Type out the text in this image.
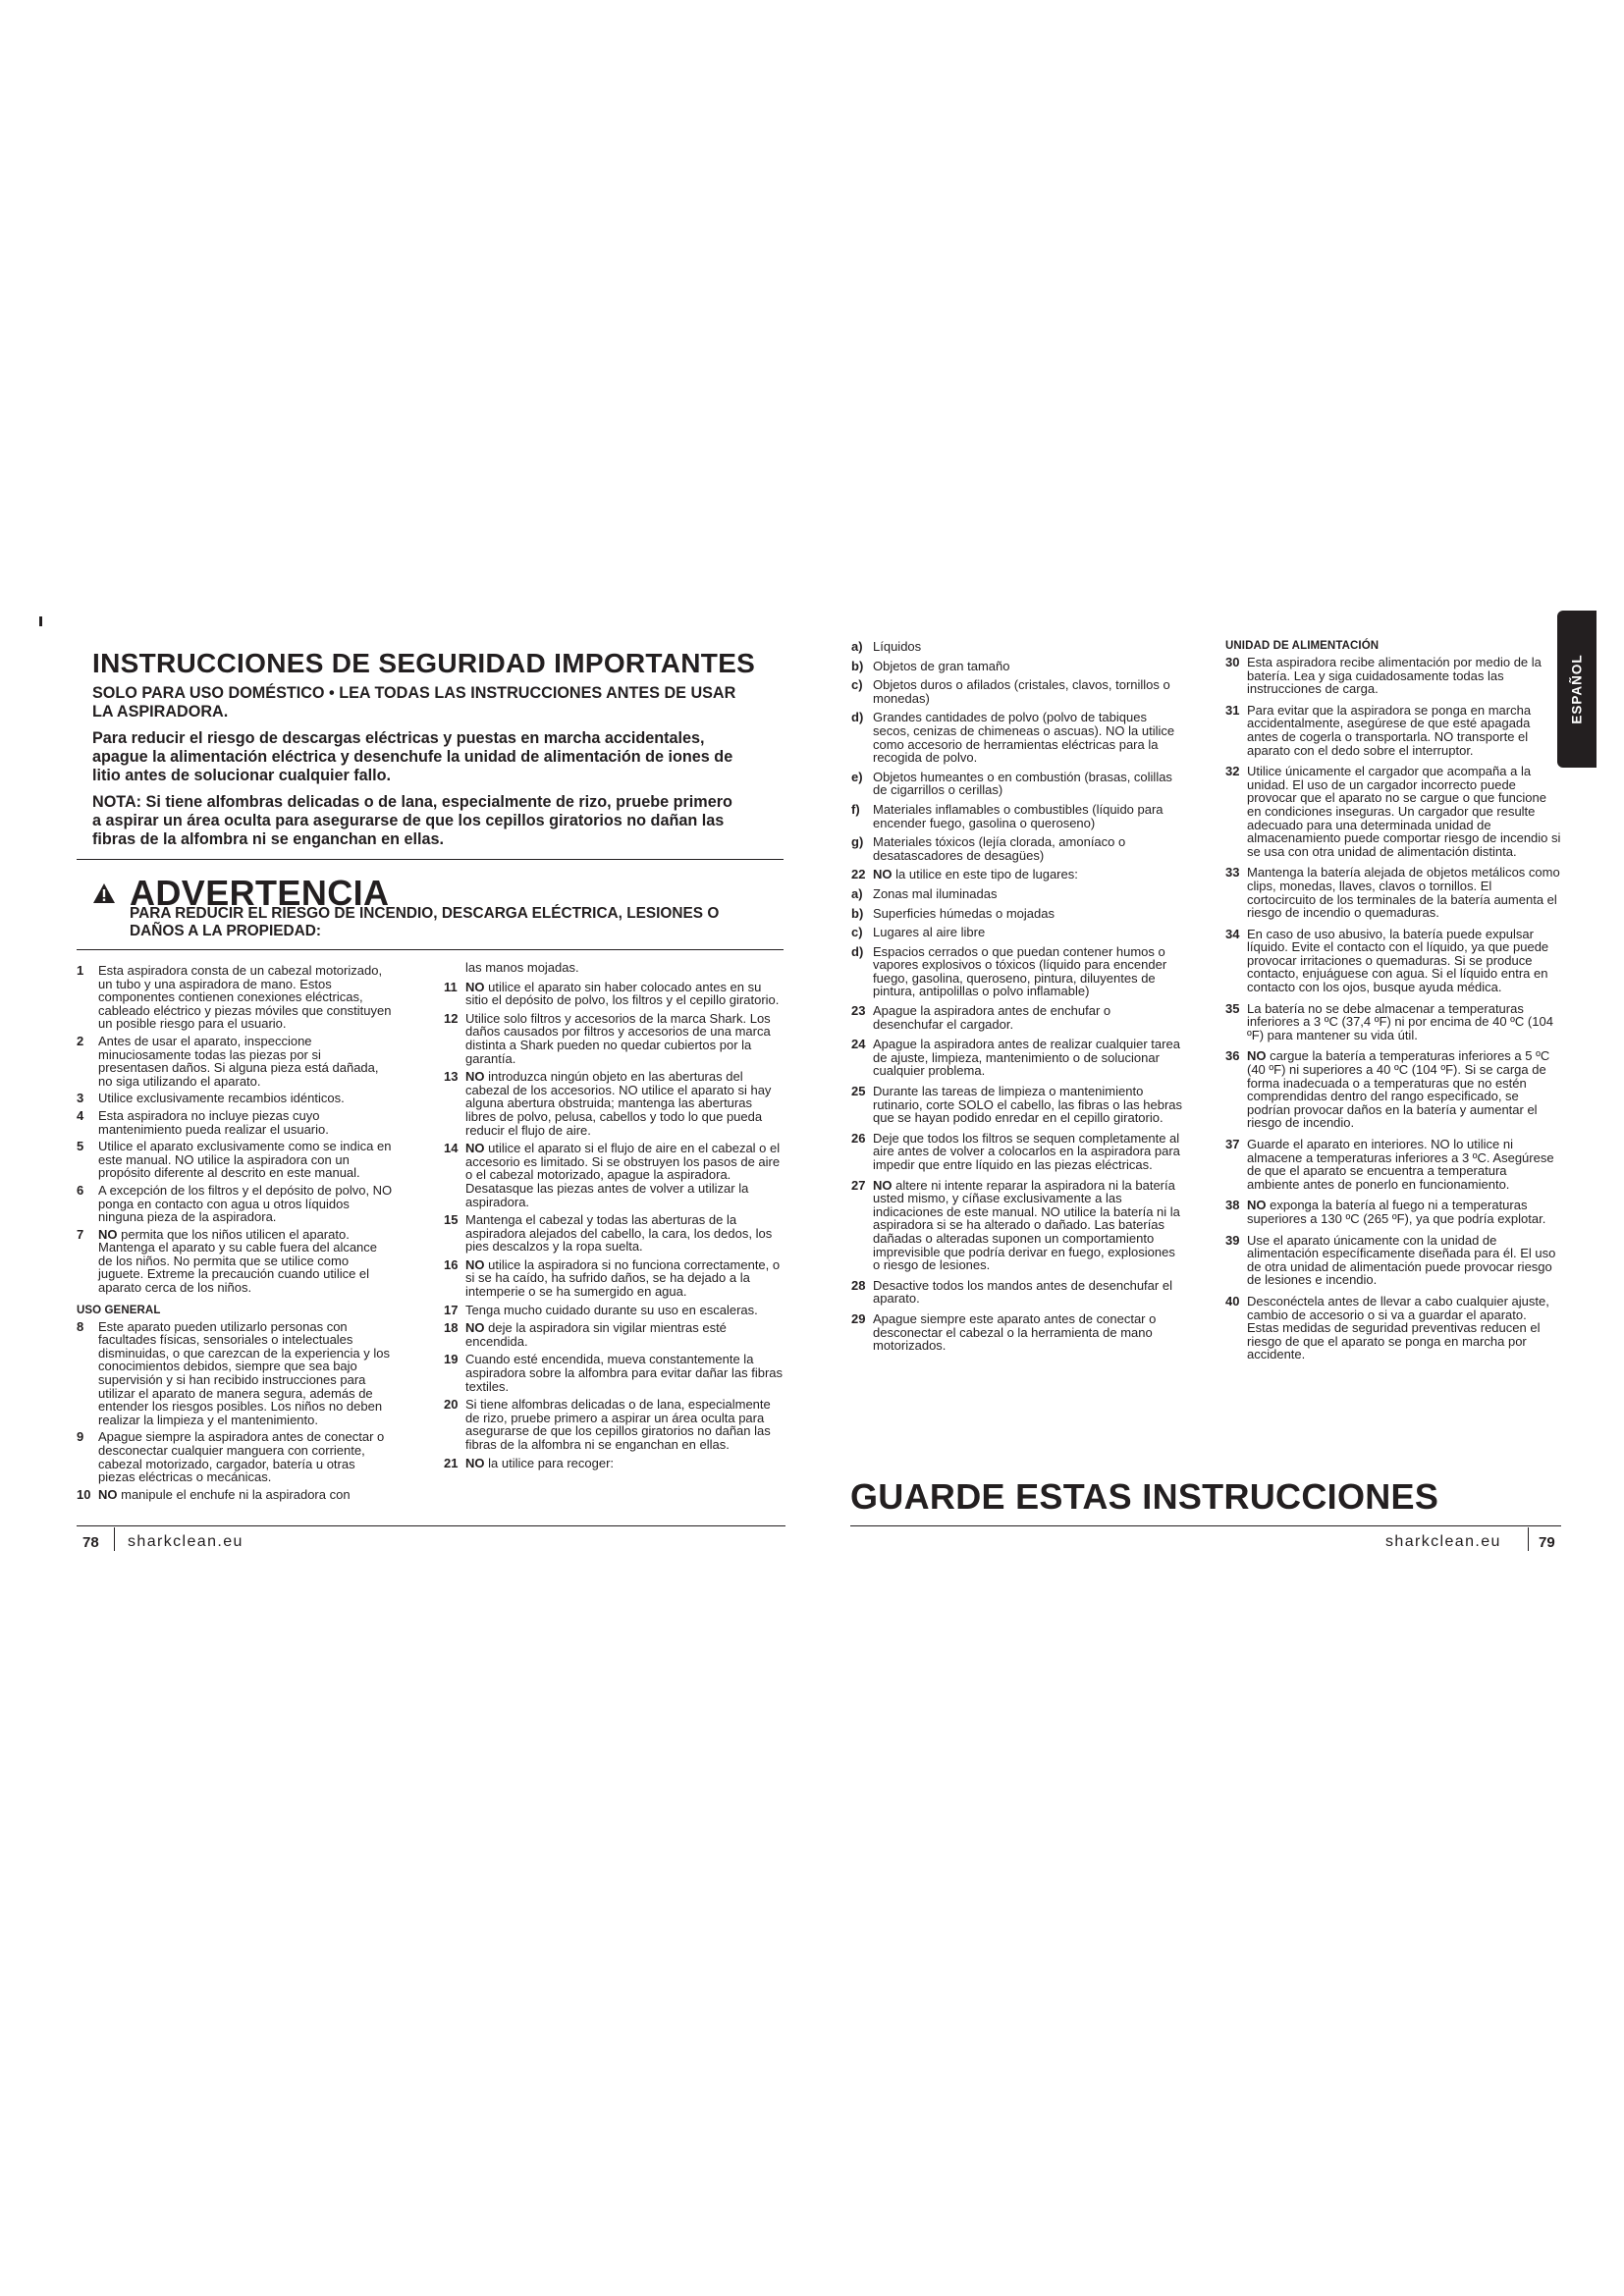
INSTRUCCIONES DE SEGURIDAD IMPORTANTES

SOLO PARA USO DOMÉSTICO • LEA TODAS LAS INSTRUCCIONES ANTES DE USAR LA ASPIRADORA.

Para reducir el riesgo de descargas eléctricas y puestas en marcha accidentales, apague la alimentación eléctrica y desenchufe la unidad de alimentación de iones de litio antes de solucionar cualquier fallo.

NOTA: Si tiene alfombras delicadas o de lana, especialmente de rizo, pruebe primero a aspirar un área oculta para asegurarse de que los cepillos giratorios no dañan las fibras de la alfombra ni se enganchan en ellas.

ADVERTENCIA

PARA REDUCIR EL RIESGO DE INCENDIO, DESCARGA ELÉCTRICA, LESIONES O DAÑOS A LA PROPIEDAD:

1 Esta aspiradora consta de un cabezal motorizado, un tubo y una aspiradora de mano. Estos componentes contienen conexiones eléctricas, cableado eléctrico y piezas móviles que constituyen un posible riesgo para el usuario.

2 Antes de usar el aparato, inspeccione minuciosamente todas las piezas por si presentasen daños. Si alguna pieza está dañada, no siga utilizando el aparato.

3 Utilice exclusivamente recambios idénticos.

4 Esta aspiradora no incluye piezas cuyo mantenimiento pueda realizar el usuario.

5 Utilice el aparato exclusivamente como se indica en este manual. NO utilice la aspiradora con un propósito diferente al descrito en este manual.

6 A excepción de los filtros y el depósito de polvo, NO ponga en contacto con agua u otros líquidos ninguna pieza de la aspiradora.

7 NO permita que los niños utilicen el aparato. Mantenga el aparato y su cable fuera del alcance de los niños. No permita que se utilice como juguete. Extreme la precaución cuando utilice el aparato cerca de los niños.

USO GENERAL

8 Este aparato pueden utilizarlo personas con facultades físicas, sensoriales o intelectuales disminuidas, o que carezcan de la experiencia y los conocimientos debidos, siempre que sea bajo supervisión y si han recibido instrucciones para utilizar el aparato de manera segura, además de entender los riesgos posibles. Los niños no deben realizar la limpieza y el mantenimiento.

9 Apague siempre la aspiradora antes de conectar o desconectar cualquier manguera con corriente, cabezal motorizado, cargador, batería u otras piezas eléctricas o mecánicas.

10 NO manipule el enchufe ni la aspiradora con

las manos mojadas.

11 NO utilice el aparato sin haber colocado antes en su sitio el depósito de polvo, los filtros y el cepillo giratorio.

12 Utilice solo filtros y accesorios de la marca Shark. Los daños causados por filtros y accesorios de una marca distinta a Shark pueden no quedar cubiertos por la garantía.

13 NO introduzca ningún objeto en las aberturas del cabezal de los accesorios. NO utilice el aparato si hay alguna abertura obstruida; mantenga las aberturas libres de polvo, pelusa, cabellos y todo lo que pueda reducir el flujo de aire.

14 NO utilice el aparato si el flujo de aire en el cabezal o el accesorio es limitado. Si se obstruyen los pasos de aire o el cabezal motorizado, apague la aspiradora. Desatasque las piezas antes de volver a utilizar la aspiradora.

15 Mantenga el cabezal y todas las aberturas de la aspiradora alejados del cabello, la cara, los dedos, los pies descalzos y la ropa suelta.

16 NO utilice la aspiradora si no funciona correctamente, o si se ha caído, ha sufrido daños, se ha dejado a la intemperie o se ha sumergido en agua.

17 Tenga mucho cuidado durante su uso en escaleras.

18 NO deje la aspiradora sin vigilar mientras esté encendida.

19 Cuando esté encendida, mueva constantemente la aspiradora sobre la alfombra para evitar dañar las fibras textiles.

20 Si tiene alfombras delicadas o de lana, especialmente de rizo, pruebe primero a aspirar un área oculta para asegurarse de que los cepillos giratorios no dañan las fibras de la alfombra ni se enganchan en ellas.

21 NO la utilice para recoger:

a) Líquidos

b) Objetos de gran tamaño

c) Objetos duros o afilados (cristales, clavos, tornillos o monedas)

d) Grandes cantidades de polvo (polvo de tabiques secos, cenizas de chimeneas o ascuas). NO la utilice como accesorio de herramientas eléctricas para la recogida de polvo.

e) Objetos humeantes o en combustión (brasas, colillas de cigarrillos o cerillas)

f) Materiales inflamables o combustibles (líquido para encender fuego, gasolina o queroseno)

g) Materiales tóxicos (lejía clorada, amoníaco o desatascadores de desagües)

22 NO la utilice en este tipo de lugares:

a) Zonas mal iluminadas

b) Superficies húmedas o mojadas

c) Lugares al aire libre

d) Espacios cerrados o que puedan contener humos o vapores explosivos o tóxicos (líquido para encender fuego, gasolina, queroseno, pintura, diluyentes de pintura, antipolillas o polvo inflamable)

23 Apague la aspiradora antes de enchufar o desenchufar el cargador.

24 Apague la aspiradora antes de realizar cualquier tarea de ajuste, limpieza, mantenimiento o de solucionar cualquier problema.

25 Durante las tareas de limpieza o mantenimiento rutinario, corte SOLO el cabello, las fibras o las hebras que se hayan podido enredar en el cepillo giratorio.

26 Deje que todos los filtros se sequen completamente al aire antes de volver a colocarlos en la aspiradora para impedir que entre líquido en las piezas eléctricas.

27 NO altere ni intente reparar la aspiradora ni la batería usted mismo, y cíñase exclusivamente a las indicaciones de este manual. NO utilice la batería ni la aspiradora si se ha alterado o dañado. Las baterías dañadas o alteradas suponen un comportamiento imprevisible que podría derivar en fuego, explosiones o riesgo de lesiones.

28 Desactive todos los mandos antes de desenchufar el aparato.

29 Apague siempre este aparato antes de conectar o desconectar el cabezal o la herramienta de mano motorizados.

UNIDAD DE ALIMENTACIÓN

30 Esta aspiradora recibe alimentación por medio de la batería. Lea y siga cuidadosamente todas las instrucciones de carga.

31 Para evitar que la aspiradora se ponga en marcha accidentalmente, asegúrese de que esté apagada antes de cogerla o transportarla. NO transporte el aparato con el dedo sobre el interruptor.

32 Utilice únicamente el cargador que acompaña a la unidad. El uso de un cargador incorrecto puede provocar que el aparato no se cargue o que funcione en condiciones inseguras. Un cargador que resulte adecuado para una determinada unidad de almacenamiento puede comportar riesgo de incendio si se usa con otra unidad de alimentación distinta.

33 Mantenga la batería alejada de objetos metálicos como clips, monedas, llaves, clavos o tornillos. El cortocircuito de los terminales de la batería aumenta el riesgo de incendio o quemaduras.

34 En caso de uso abusivo, la batería puede expulsar líquido. Evite el contacto con el líquido, ya que puede provocar irritaciones o quemaduras. Si se produce contacto, enjuáguese con agua. Si el líquido entra en contacto con los ojos, busque ayuda médica.

35 La batería no se debe almacenar a temperaturas inferiores a 3 ºC (37,4 ºF) ni por encima de 40 ºC (104 ºF) para mantener su vida útil.

36 NO cargue la batería a temperaturas inferiores a 5 ºC (40 ºF) ni superiores a 40 ºC (104 ºF). Si se carga de forma inadecuada o a temperaturas que no estén comprendidas dentro del rango especificado, se podrían provocar daños en la batería y aumentar el riesgo de incendio.

37 Guarde el aparato en interiores. NO lo utilice ni almacene a temperaturas inferiores a 3 ºC. Asegúrese de que el aparato se encuentra a temperatura ambiente antes de ponerlo en funcionamiento.

38 NO exponga la batería al fuego ni a temperaturas superiores a 130 ºC (265 ºF), ya que podría explotar.

39 Use el aparato únicamente con la unidad de alimentación específicamente diseñada para él. El uso de otra unidad de alimentación puede provocar riesgo de lesiones e incendio.

40 Desconéctela antes de llevar a cabo cualquier ajuste, cambio de accesorio o si va a guardar el aparato. Estas medidas de seguridad preventivas reducen el riesgo de que el aparato se ponga en marcha por accidente.

GUARDE ESTAS INSTRUCCIONES
ESPAÑOL
78 sharkclean.eu	sharkclean.eu	79
